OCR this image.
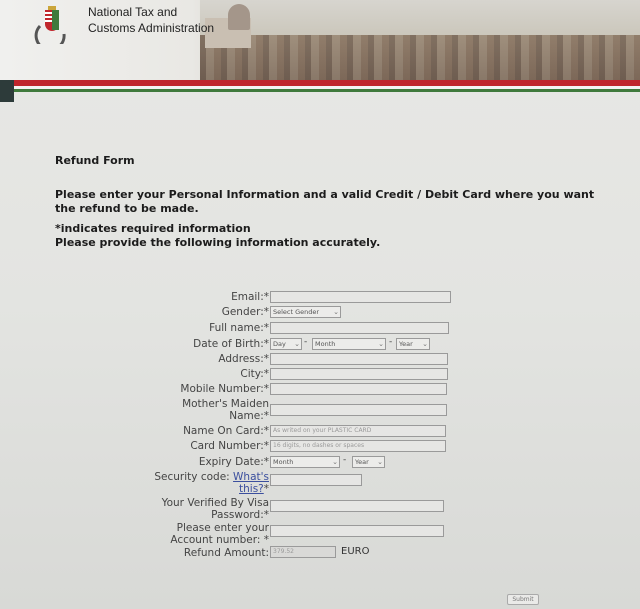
National Tax and
Customs Administration
Refund Form
Please enter your Personal Information and a valid Credit / Debit Card where you want the refund to be made.
*indicates required information
Please provide the following information accurately.
Email:*
Gender:* Select Gender ⌄
Full name:*
Date of Birth:* Day ⌄ -	Month	⌄ -	Year ⌄
Address:*
City:*
Mobile Number:*
Mother's Maiden
Name:*
Name On Card:* As writed on your PLASTIC CARD
Card Number:* 16 digits, no dashes or spaces
Expiry Date:* Month	⌄ -	Year ⌄
Security code: What's
this?*
Your Verified By Visa
Password:*
Please enter your
Account number: *
Refund Amount: 379.52	EURO
Submit
